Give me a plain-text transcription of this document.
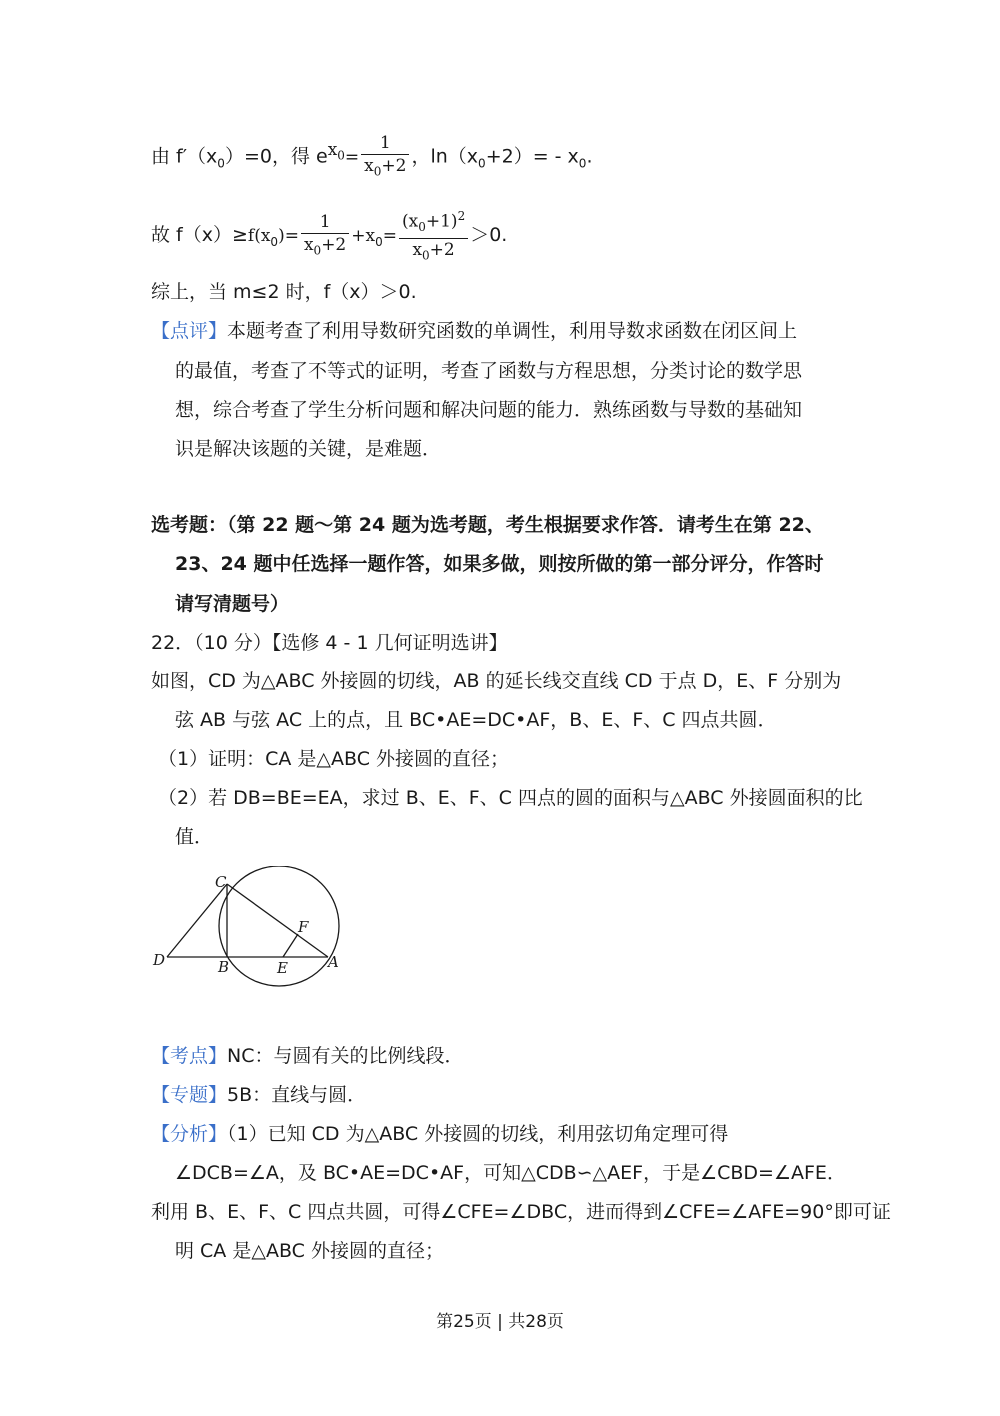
由 $f'(x_0)=0$，得 $e^{x_0}= \frac{1}{x_0+2}$ ，$\ln(x_0+2)= - x_0$.
故 $f(x)\ge f(x_0)= \frac{1}{x_0+2} +x_0= \frac{(x_0+1)^2}{x_0+2} >0$.
综上，当 m≤2 时，f（x）＞0.
【点评】本题考查了利用导数研究函数的单调性，利用导数求函数在闭区间上
的最值，考查了不等式的证明，考查了函数与方程思想，分类讨论的数学思
想，综合考查了学生分析问题和解决问题的能力．熟练函数与导数的基础知
识是解决该题的关键，是难题．
选考题：（第 22 题～第 24 题为选考题，考生根据要求作答．请考生在第 22、
23、24 题中任选择一题作答，如果多做，则按所做的第一部分评分，作答时
请写清题号）
22．（10 分）【选修 4 - 1 几何证明选讲】
如图，CD 为△ABC 外接圆的切线，AB 的延长线交直线 CD 于点 D，E、F 分别为
弦 AB 与弦 AC 上的点，且 BC•AE=DC•AF，B、E、F、C 四点共圆．
（1）证明：CA 是△ABC 外接圆的直径；
（2）若 DB=BE=EA，求过 B、E、F、C 四点的圆的面积与△ABC 外接圆面积的比
值．
C
D	B	E	A
F
【考点】NC：与圆有关的比例线段．
【专题】5B：直线与圆．
【分析】（1）已知 CD 为△ABC 外接圆的切线，利用弦切角定理可得
∠DCB=∠A，及 BC•AE=DC•AF，可知△CDB∽△AEF，于是∠CBD=∠AFE．
利用 B、E、F、C 四点共圆，可得∠CFE=∠DBC，进而得到∠CFE=∠AFE=90°即可证
明 CA 是△ABC 外接圆的直径；
第25页 | 共28页
